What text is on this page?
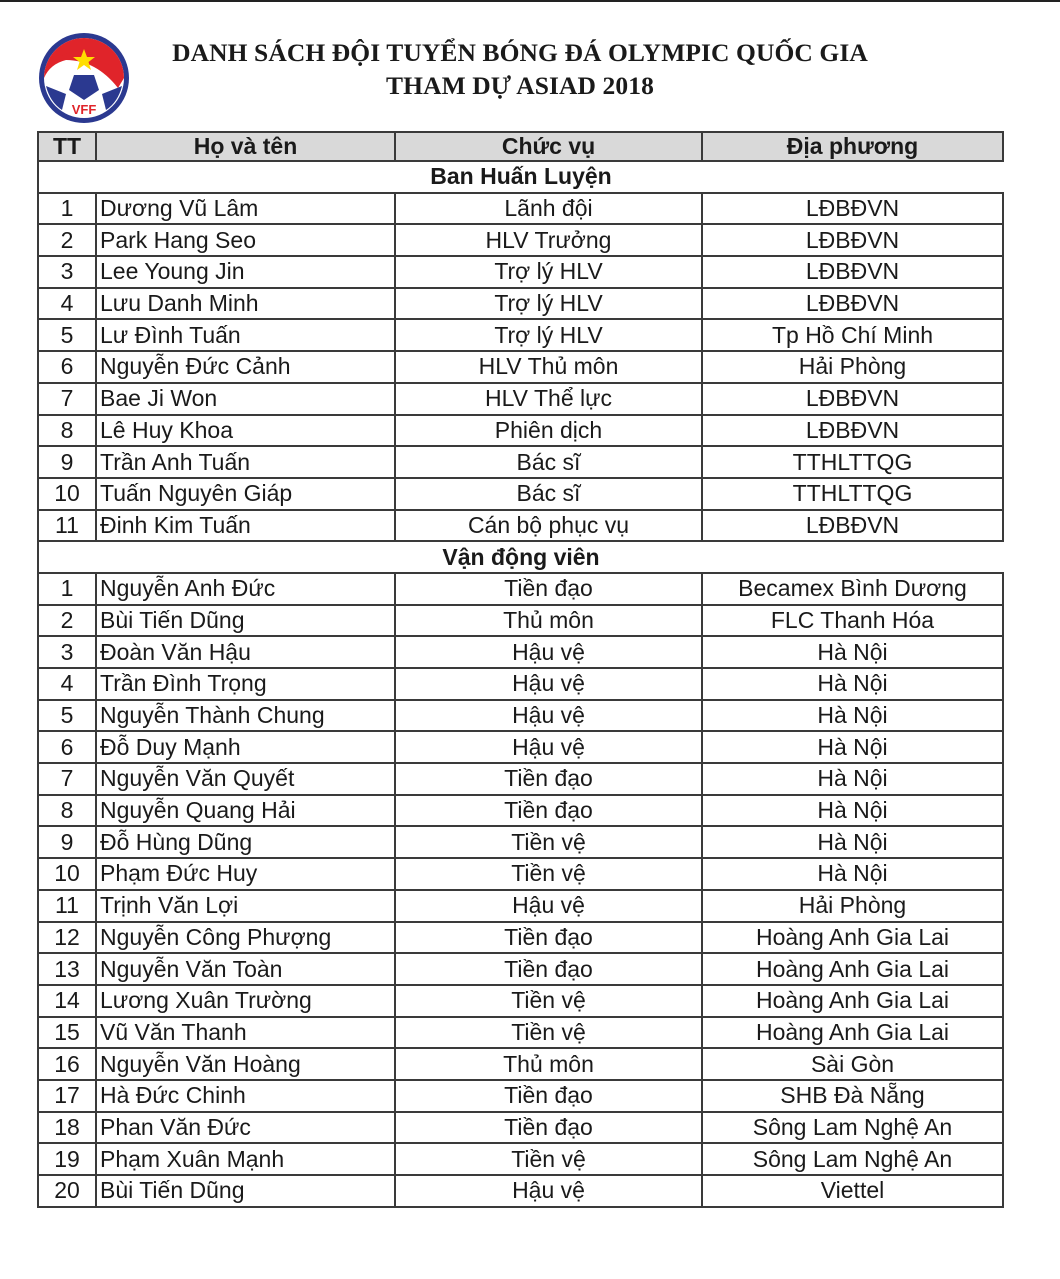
VFF
DANH SÁCH ĐỘI TUYỂN BÓNG ĐÁ OLYMPIC QUỐC GIA
THAM DỰ ASIAD 2018
TT	Họ và tên	Chức vụ	Địa phương
Ban Huấn Luyện			
1	Dương Vũ Lâm	Lãnh đội	LĐBĐVN
2	Park Hang Seo	HLV Trưởng	LĐBĐVN
3	Lee Young Jin	Trợ lý HLV	LĐBĐVN
4	Lưu Danh Minh	Trợ lý HLV	LĐBĐVN
5	Lư Đình Tuấn	Trợ lý HLV	Tp Hồ Chí Minh
6	Nguyễn Đức Cảnh	HLV Thủ môn	Hải Phòng
7	Bae Ji Won	HLV Thể lực	LĐBĐVN
8	Lê Huy Khoa	Phiên dịch	LĐBĐVN
9	Trần Anh Tuấn	Bác sĩ	TTHLTTQG
10	Tuấn Nguyên Giáp	Bác sĩ	TTHLTTQG
11	Đinh Kim Tuấn	Cán bộ phục vụ	LĐBĐVN
Vận động viên			
1	Nguyễn Anh Đức	Tiền đạo	Becamex Bình Dương
2	Bùi Tiến Dũng	Thủ môn	FLC Thanh Hóa
3	Đoàn Văn Hậu	Hậu vệ	Hà Nội
4	Trần Đình Trọng	Hậu vệ	Hà Nội
5	Nguyễn Thành Chung	Hậu vệ	Hà Nội
6	Đỗ Duy Mạnh	Hậu vệ	Hà Nội
7	Nguyễn Văn Quyết	Tiền đạo	Hà Nội
8	Nguyễn Quang Hải	Tiền đạo	Hà Nội
9	Đỗ Hùng Dũng	Tiền vệ	Hà Nội
10	Phạm Đức Huy	Tiền vệ	Hà Nội
11	Trịnh Văn Lợi	Hậu vệ	Hải Phòng
12	Nguyễn Công Phượng	Tiền đạo	Hoàng Anh Gia Lai
13	Nguyễn Văn Toàn	Tiền đạo	Hoàng Anh Gia Lai
14	Lương Xuân Trường	Tiền vệ	Hoàng Anh Gia Lai
15	Vũ Văn Thanh	Tiền vệ	Hoàng Anh Gia Lai
16	Nguyễn Văn Hoàng	Thủ môn	Sài Gòn
17	Hà Đức Chinh	Tiền đạo	SHB Đà Nẵng
18	Phan Văn Đức	Tiền đạo	Sông Lam Nghệ An
19	Phạm Xuân Mạnh	Tiền vệ	Sông Lam Nghệ An
20	Bùi Tiến Dũng	Hậu vệ	Viettel
